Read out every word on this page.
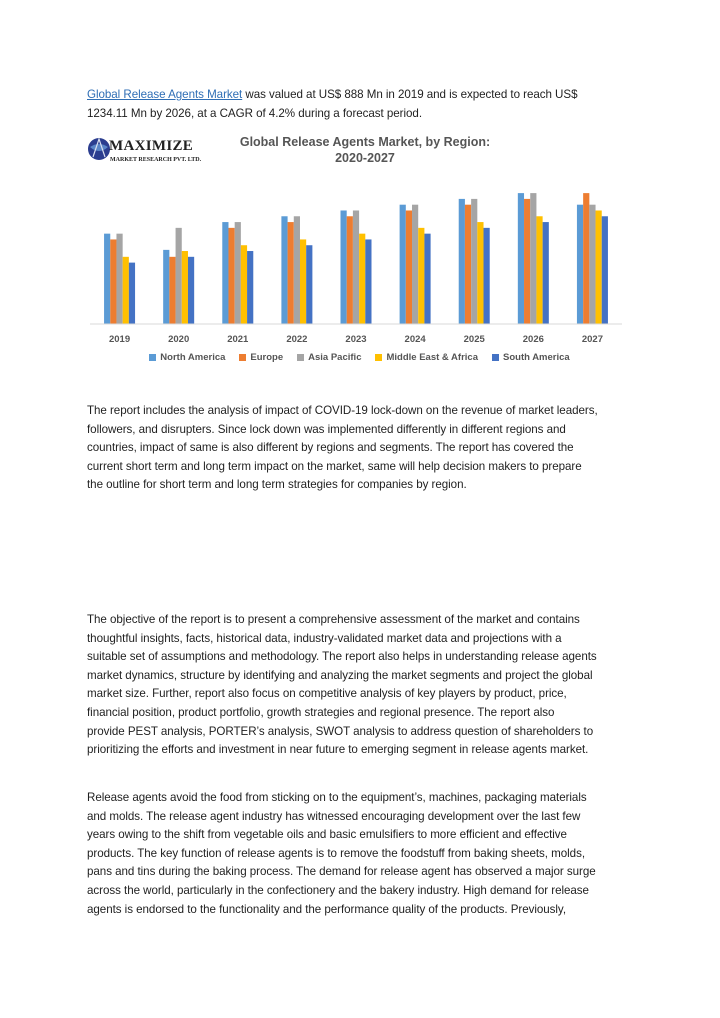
Global Release Agents Market was valued at US$ 888 Mn in 2019 and is expected to reach US$
1234.11 Mn by 2026, at a CAGR of 4.2% during a forecast period.

MAXIMIZE
MARKET RESEARCH PVT. LTD.
Global Release Agents Market, by Region:
2020-2027
2019	2020	2021	2022	2023	2024	2025	2026	2027
North America	Europe	Asia Pacific	Middle East & Africa	South America

The report includes the analysis of impact of COVID-19 lock-down on the revenue of market leaders,
followers, and disrupters. Since lock down was implemented differently in different regions and
countries, impact of same is also different by regions and segments. The report has covered the
current short term and long term impact on the market, same will help decision makers to prepare
the outline for short term and long term strategies for companies by region.

The objective of the report is to present a comprehensive assessment of the market and contains
thoughtful insights, facts, historical data, industry-validated market data and projections with a
suitable set of assumptions and methodology. The report also helps in understanding release agents
market dynamics, structure by identifying and analyzing the market segments and project the global
market size. Further, report also focus on competitive analysis of key players by product, price,
financial position, product portfolio, growth strategies and regional presence. The report also
provide PEST analysis, PORTER’s analysis, SWOT analysis to address question of shareholders to
prioritizing the efforts and investment in near future to emerging segment in release agents market.

Release agents avoid the food from sticking on to the equipment’s, machines, packaging materials
and molds. The release agent industry has witnessed encouraging development over the last few
years owing to the shift from vegetable oils and basic emulsifiers to more efficient and effective
products. The key function of release agents is to remove the foodstuff from baking sheets, molds,
pans and tins during the baking process. The demand for release agent has observed a major surge
across the world, particularly in the confectionery and the bakery industry. High demand for release
agents is endorsed to the functionality and the performance quality of the products. Previously,
